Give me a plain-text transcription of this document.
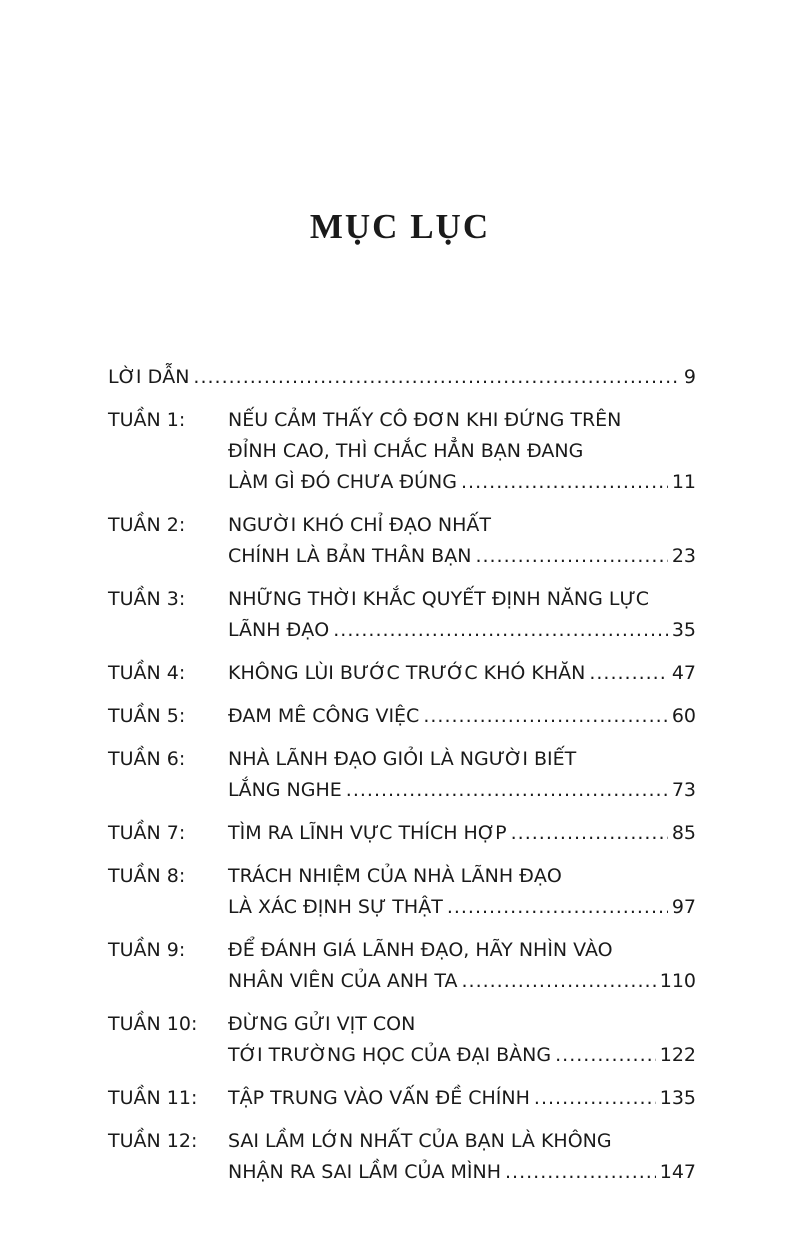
MỤC LỤC
LỜI DẪN .....	9
TUẦN 1:	NẾU CẢM THẤY CÔ ĐƠN KHI ĐỨNG TRÊN
ĐỈNH CAO, THÌ CHẮC HẲN BẠN ĐANG
LÀM GÌ ĐÓ CHƯA ĐÚNG .....	11
TUẦN 2:	NGƯỜI KHÓ CHỈ ĐẠO NHẤT
CHÍNH LÀ BẢN THÂN BẠN .....	23
TUẦN 3:	NHỮNG THỜI KHẮC QUYẾT ĐỊNH NĂNG LỰC
LÃNH ĐẠO .....	35
TUẦN 4:	KHÔNG LÙI BƯỚC TRƯỚC KHÓ KHĂN .....	47
TUẦN 5:	ĐAM MÊ CÔNG VIỆC .....	60
TUẦN 6:	NHÀ LÃNH ĐẠO GIỎI LÀ NGƯỜI BIẾT
LẮNG NGHE .....	73
TUẦN 7:	TÌM RA LĨNH VỰC THÍCH HỢP .....	85
TUẦN 8:	TRÁCH NHIỆM CỦA NHÀ LÃNH ĐẠO
LÀ XÁC ĐỊNH SỰ THẬT .....	97
TUẦN 9:	ĐỂ ĐÁNH GIÁ LÃNH ĐẠO, HÃY NHÌN VÀO
NHÂN VIÊN CỦA ANH TA .....	110
TUẦN 10:	ĐỪNG GỬI VỊT CON
TỚI TRƯỜNG HỌC CỦA ĐẠI BÀNG .....	122
TUẦN 11:	TẬP TRUNG VÀO VẤN ĐỀ CHÍNH .....	135
TUẦN 12:	SAI LẦM LỚN NHẤT CỦA BẠN LÀ KHÔNG
NHẬN RA SAI LẦM CỦA MÌNH .....	147
